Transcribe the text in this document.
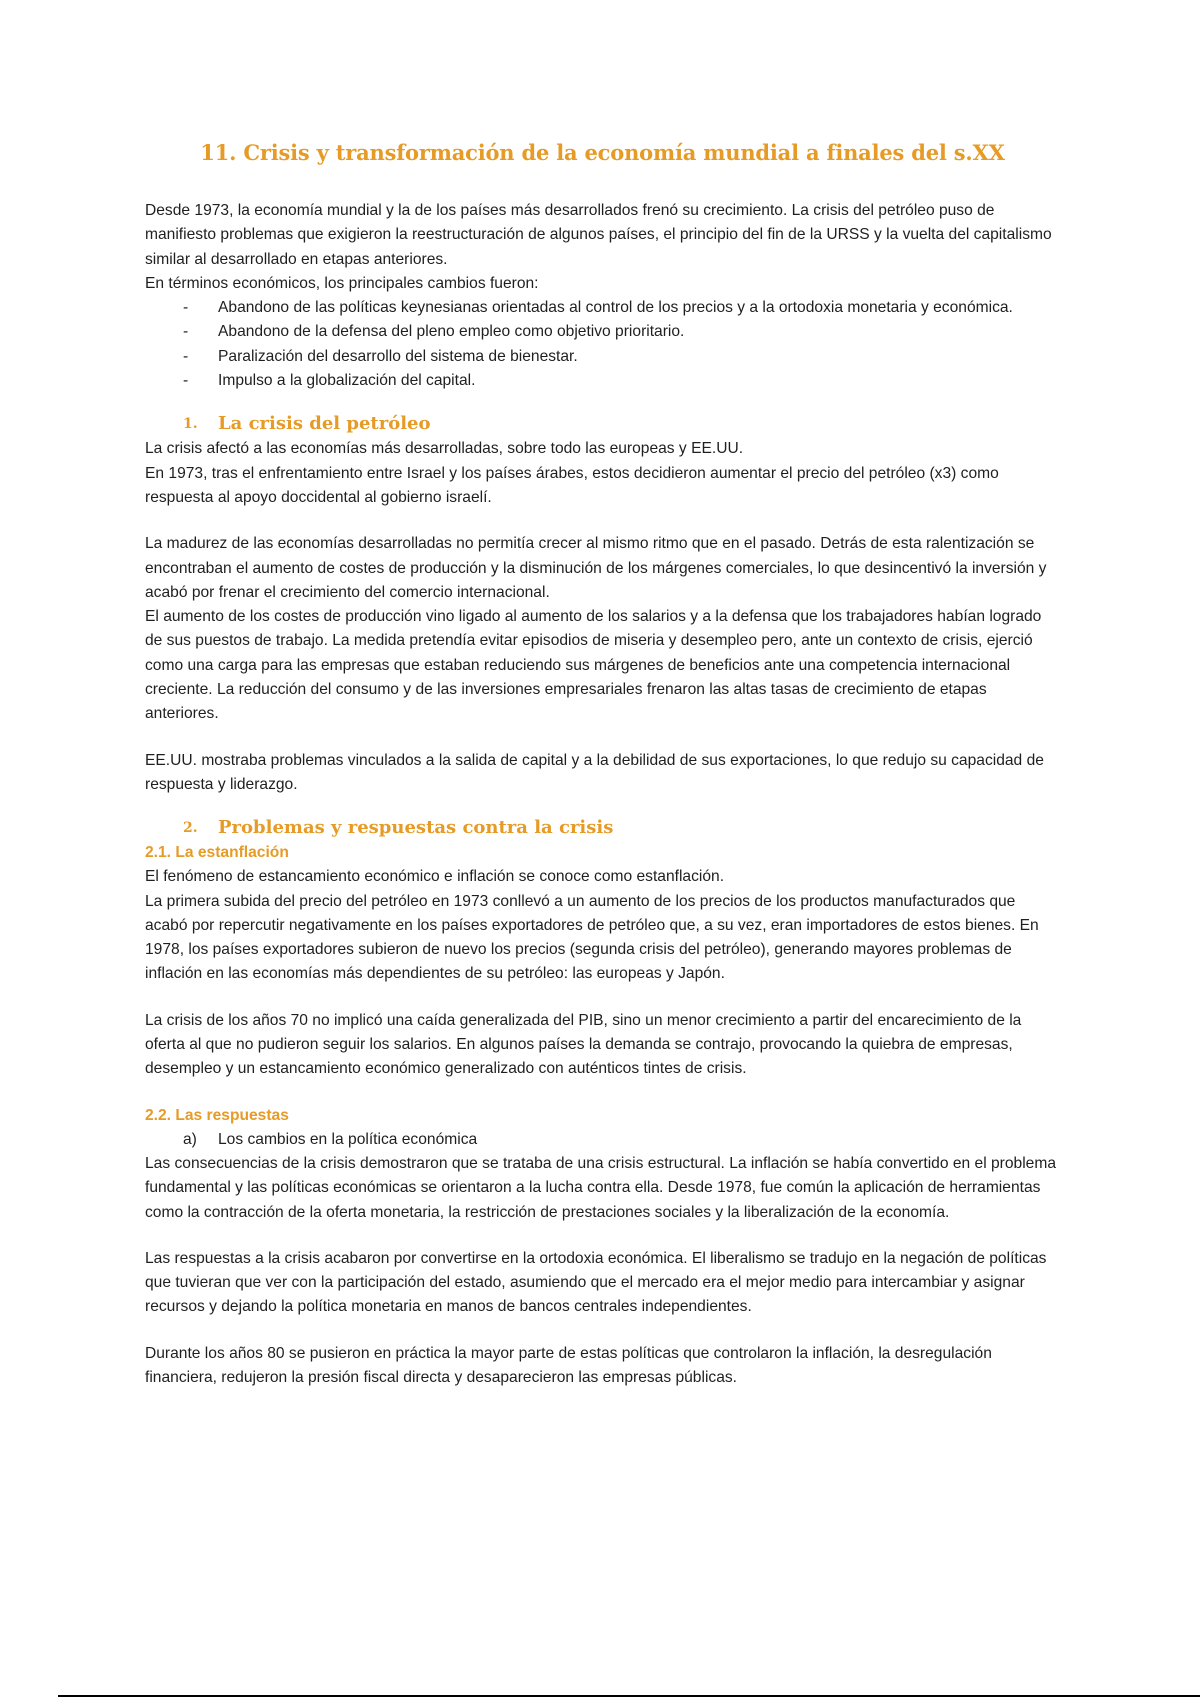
11. Crisis y transformación de la economía mundial a finales del s.XX

Desde 1973, la economía mundial y la de los países más desarrollados frenó su crecimiento. La crisis del petróleo puso de manifiesto problemas que exigieron la reestructuración de algunos países, el principio del fin de la URSS y la vuelta del capitalismo similar al desarrollado en etapas anteriores.

En términos económicos, los principales cambios fueron:

- Abandono de las políticas keynesianas orientadas al control de los precios y a la ortodoxia monetaria y económica.
- Abandono de la defensa del pleno empleo como objetivo prioritario.
- Paralización del desarrollo del sistema de bienestar.
- Impulso a la globalización del capital.
1. La crisis del petróleo

La crisis afectó a las economías más desarrolladas, sobre todo las europeas y EE.UU.

En 1973, tras el enfrentamiento entre Israel y los países árabes, estos decidieron aumentar el precio del petróleo (x3) como respuesta al apoyo doccidental al gobierno israelí.

La madurez de las economías desarrolladas no permitía crecer al mismo ritmo que en el pasado. Detrás de esta ralentización se encontraban el aumento de costes de producción y la disminución de los márgenes comerciales, lo que desincentivó la inversión y acabó por frenar el crecimiento del comercio internacional.

El aumento de los costes de producción vino ligado al aumento de los salarios y a la defensa que los trabajadores habían logrado de sus puestos de trabajo. La medida pretendía evitar episodios de miseria y desempleo pero, ante un contexto de crisis, ejerció como una carga para las empresas que estaban reduciendo sus márgenes de beneficios ante una competencia internacional creciente. La reducción del consumo y de las inversiones empresariales frenaron las altas tasas de crecimiento de etapas anteriores.

EE.UU. mostraba problemas vinculados a la salida de capital y a la debilidad de sus exportaciones, lo que redujo su capacidad de respuesta y liderazgo.

2. Problemas y respuestas contra la crisis
2.1. La estanflación

El fenómeno de estancamiento económico e inflación se conoce como estanflación.

La primera subida del precio del petróleo en 1973 conllevó a un aumento de los precios de los productos manufacturados que acabó por repercutir negativamente en los países exportadores de petróleo que, a su vez, eran importadores de estos bienes. En 1978, los países exportadores subieron de nuevo los precios (segunda crisis del petróleo), generando mayores problemas de inflación en las economías más dependientes de su petróleo: las europeas y Japón.

La crisis de los años 70 no implicó una caída generalizada del PIB, sino un menor crecimiento a partir del encarecimiento de la oferta al que no pudieron seguir los salarios. En algunos países la demanda se contrajo, provocando la quiebra de empresas, desempleo y un estancamiento económico generalizado con auténticos tintes de crisis.

2.2. Las respuestas

a) Los cambios en la política económica

Las consecuencias de la crisis demostraron que se trataba de una crisis estructural. La inflación se había convertido en el problema fundamental y las políticas económicas se orientaron a la lucha contra ella. Desde 1978, fue común la aplicación de herramientas como la contracción de la oferta monetaria, la restricción de prestaciones sociales y la liberalización de la economía.

Las respuestas a la crisis acabaron por convertirse en la ortodoxia económica. El liberalismo se tradujo en la negación de políticas que tuvieran que ver con la participación del estado, asumiendo que el mercado era el mejor medio para intercambiar y asignar recursos y dejando la política monetaria en manos de bancos centrales independientes.

Durante los años 80 se pusieron en práctica la mayor parte de estas políticas que controlaron la inflación, la desregulación financiera, redujeron la presión fiscal directa y desaparecieron las empresas públicas.
